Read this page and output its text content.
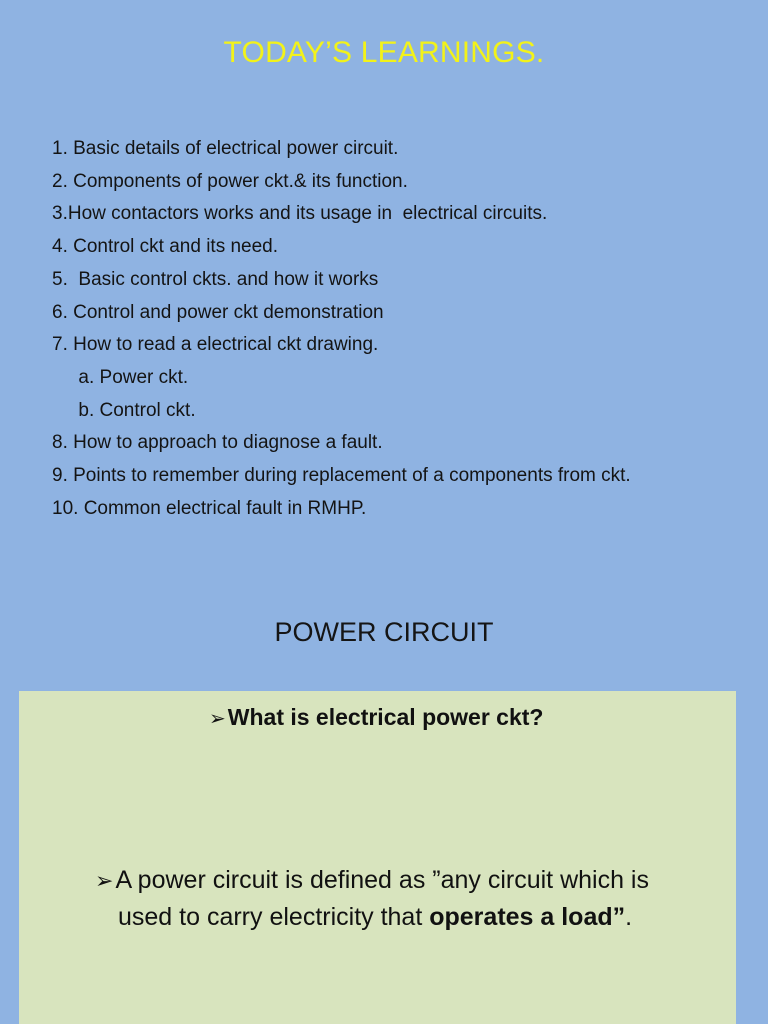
TODAY’S LEARNINGS.
1. Basic details of electrical power circuit.
2. Components of power ckt.& its function.
3.How contactors works and its usage in  electrical circuits.
4. Control ckt and its need.
5.  Basic control ckts. and how it works
6. Control and power ckt demonstration
7. How to read a electrical ckt drawing.
a. Power ckt.
b. Control ckt.
8. How to approach to diagnose a fault.
9. Points to remember during replacement of a components from ckt.
10. Common electrical fault in RMHP.
POWER CIRCUIT
➢What is electrical power ckt?
➢A power circuit is defined as ”any circuit which is
used to carry electricity that operates a load”.
